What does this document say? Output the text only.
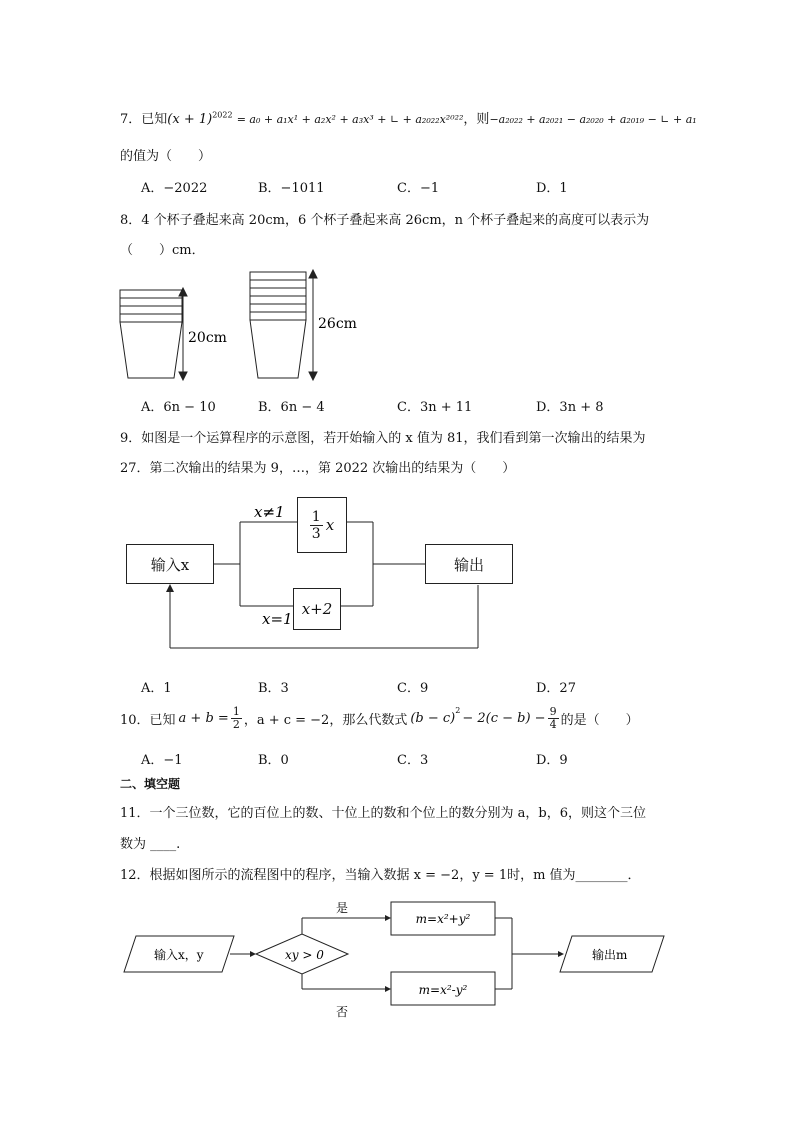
7．已知$(x + 1)^{2022} = a_0 + a_1x^1 + a_2x^2 + a_3x^3$ + ∟ + a₂₀₂₂x²⁰²²，则−a₂₀₂₂ + a₂₀₂₁ − a₂₀₂₀ + a₂₀₁₉ − ∟ + a₁
的值为（　　）
A．−2022	B．−1011	C．−1	D．1
8．4 个杯子叠起来高 20cm，6 个杯子叠起来高 26cm，n 个杯子叠起来的高度可以表示为
（　　）cm．
20cm
26cm
A．6n − 10	B．6n − 4	C．3n + 11	D．3n + 8
9．如图是一个运算程序的示意图，若开始输入的 x 值为 81，我们看到第一次输出的结果为
27．第二次输出的结果为 9，…，第 2022 次输出的结果为（　　）
x≠1
x=1
输入x
$\frac{1}{3}$ x
x+2
输出
A．1	B．3	C．9	D．27
10．已知 $a + b = \frac{1}{2}$ ，a + c = −2，那么代数式 (b − c)
$^2$
− $2(c - b) - \frac{9}{4}$ 的是（　　）
A．−1	B．0	C．3	D．9
二、填空题
11．一个三位数，它的百位上的数、十位上的数和个位上的数分别为 a，b，6，则这个三位
数为 ____.
12．根据如图所示的流程图中的程序，当输入数据 x = −2，y = 1时，m 值为________．
输入x，y	xy > 0
是
否
m=x²+y²
m=x²-y²
输出m
